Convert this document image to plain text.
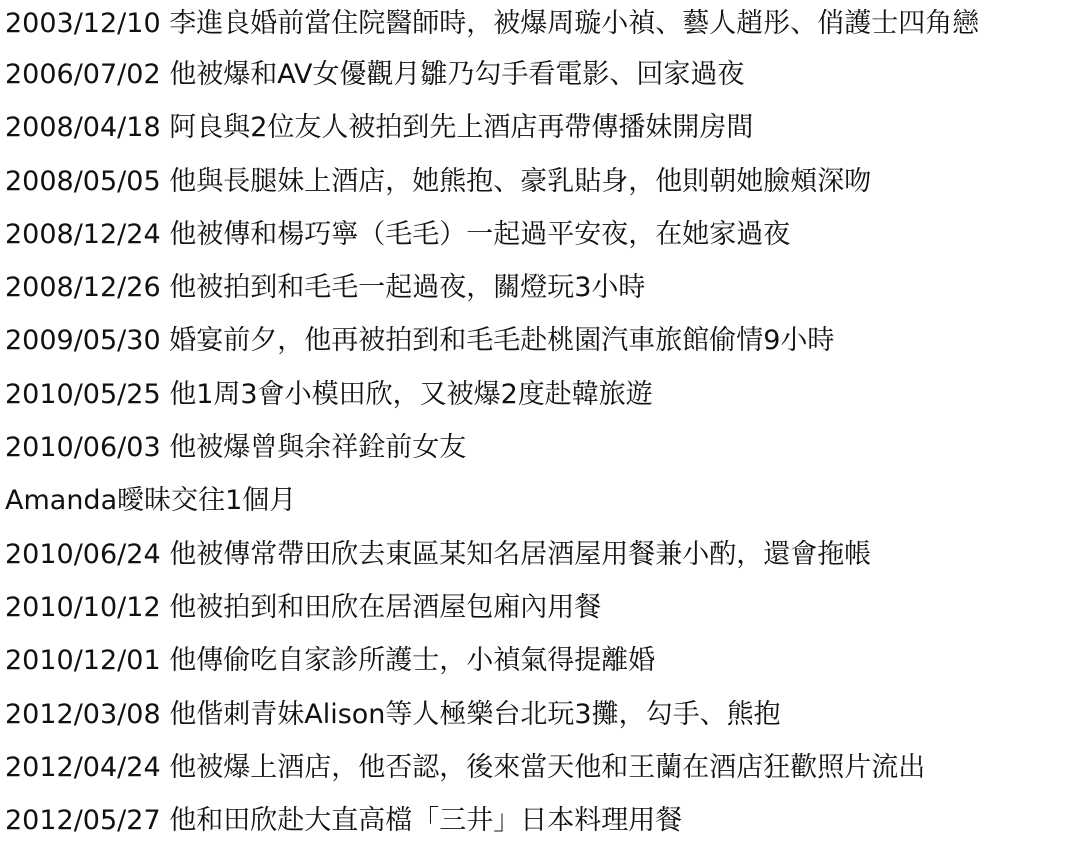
2003/12/10 李進良婚前當住院醫師時，被爆周璇小禎、藝人趙彤、俏護士四角戀
2006/07/02 他被爆和AV女優觀月雛乃勾手看電影、回家過夜
2008/04/18 阿良與2位友人被拍到先上酒店再帶傳播妹開房間
2008/05/05 他與長腿妹上酒店，她熊抱、豪乳貼身，他則朝她臉頰深吻
2008/12/24 他被傳和楊巧寧（毛毛）一起過平安夜，在她家過夜
2008/12/26 他被拍到和毛毛一起過夜，關燈玩3小時
2009/05/30 婚宴前夕，他再被拍到和毛毛赴桃園汽車旅館偷情9小時
2010/05/25 他1周3會小模田欣，又被爆2度赴韓旅遊
2010/06/03 他被爆曾與余祥銓前女友
Amanda曖昧交往1個月
2010/06/24 他被傳常帶田欣去東區某知名居酒屋用餐兼小酌，還會拖帳
2010/10/12 他被拍到和田欣在居酒屋包廂內用餐
2010/12/01 他傳偷吃自家診所護士，小禎氣得提離婚
2012/03/08 他偕刺青妹Alison等人極樂台北玩3攤，勾手、熊抱
2012/04/24 他被爆上酒店，他否認，後來當天他和王蘭在酒店狂歡照片流出
2012/05/27 他和田欣赴大直高檔「三井」日本料理用餐
